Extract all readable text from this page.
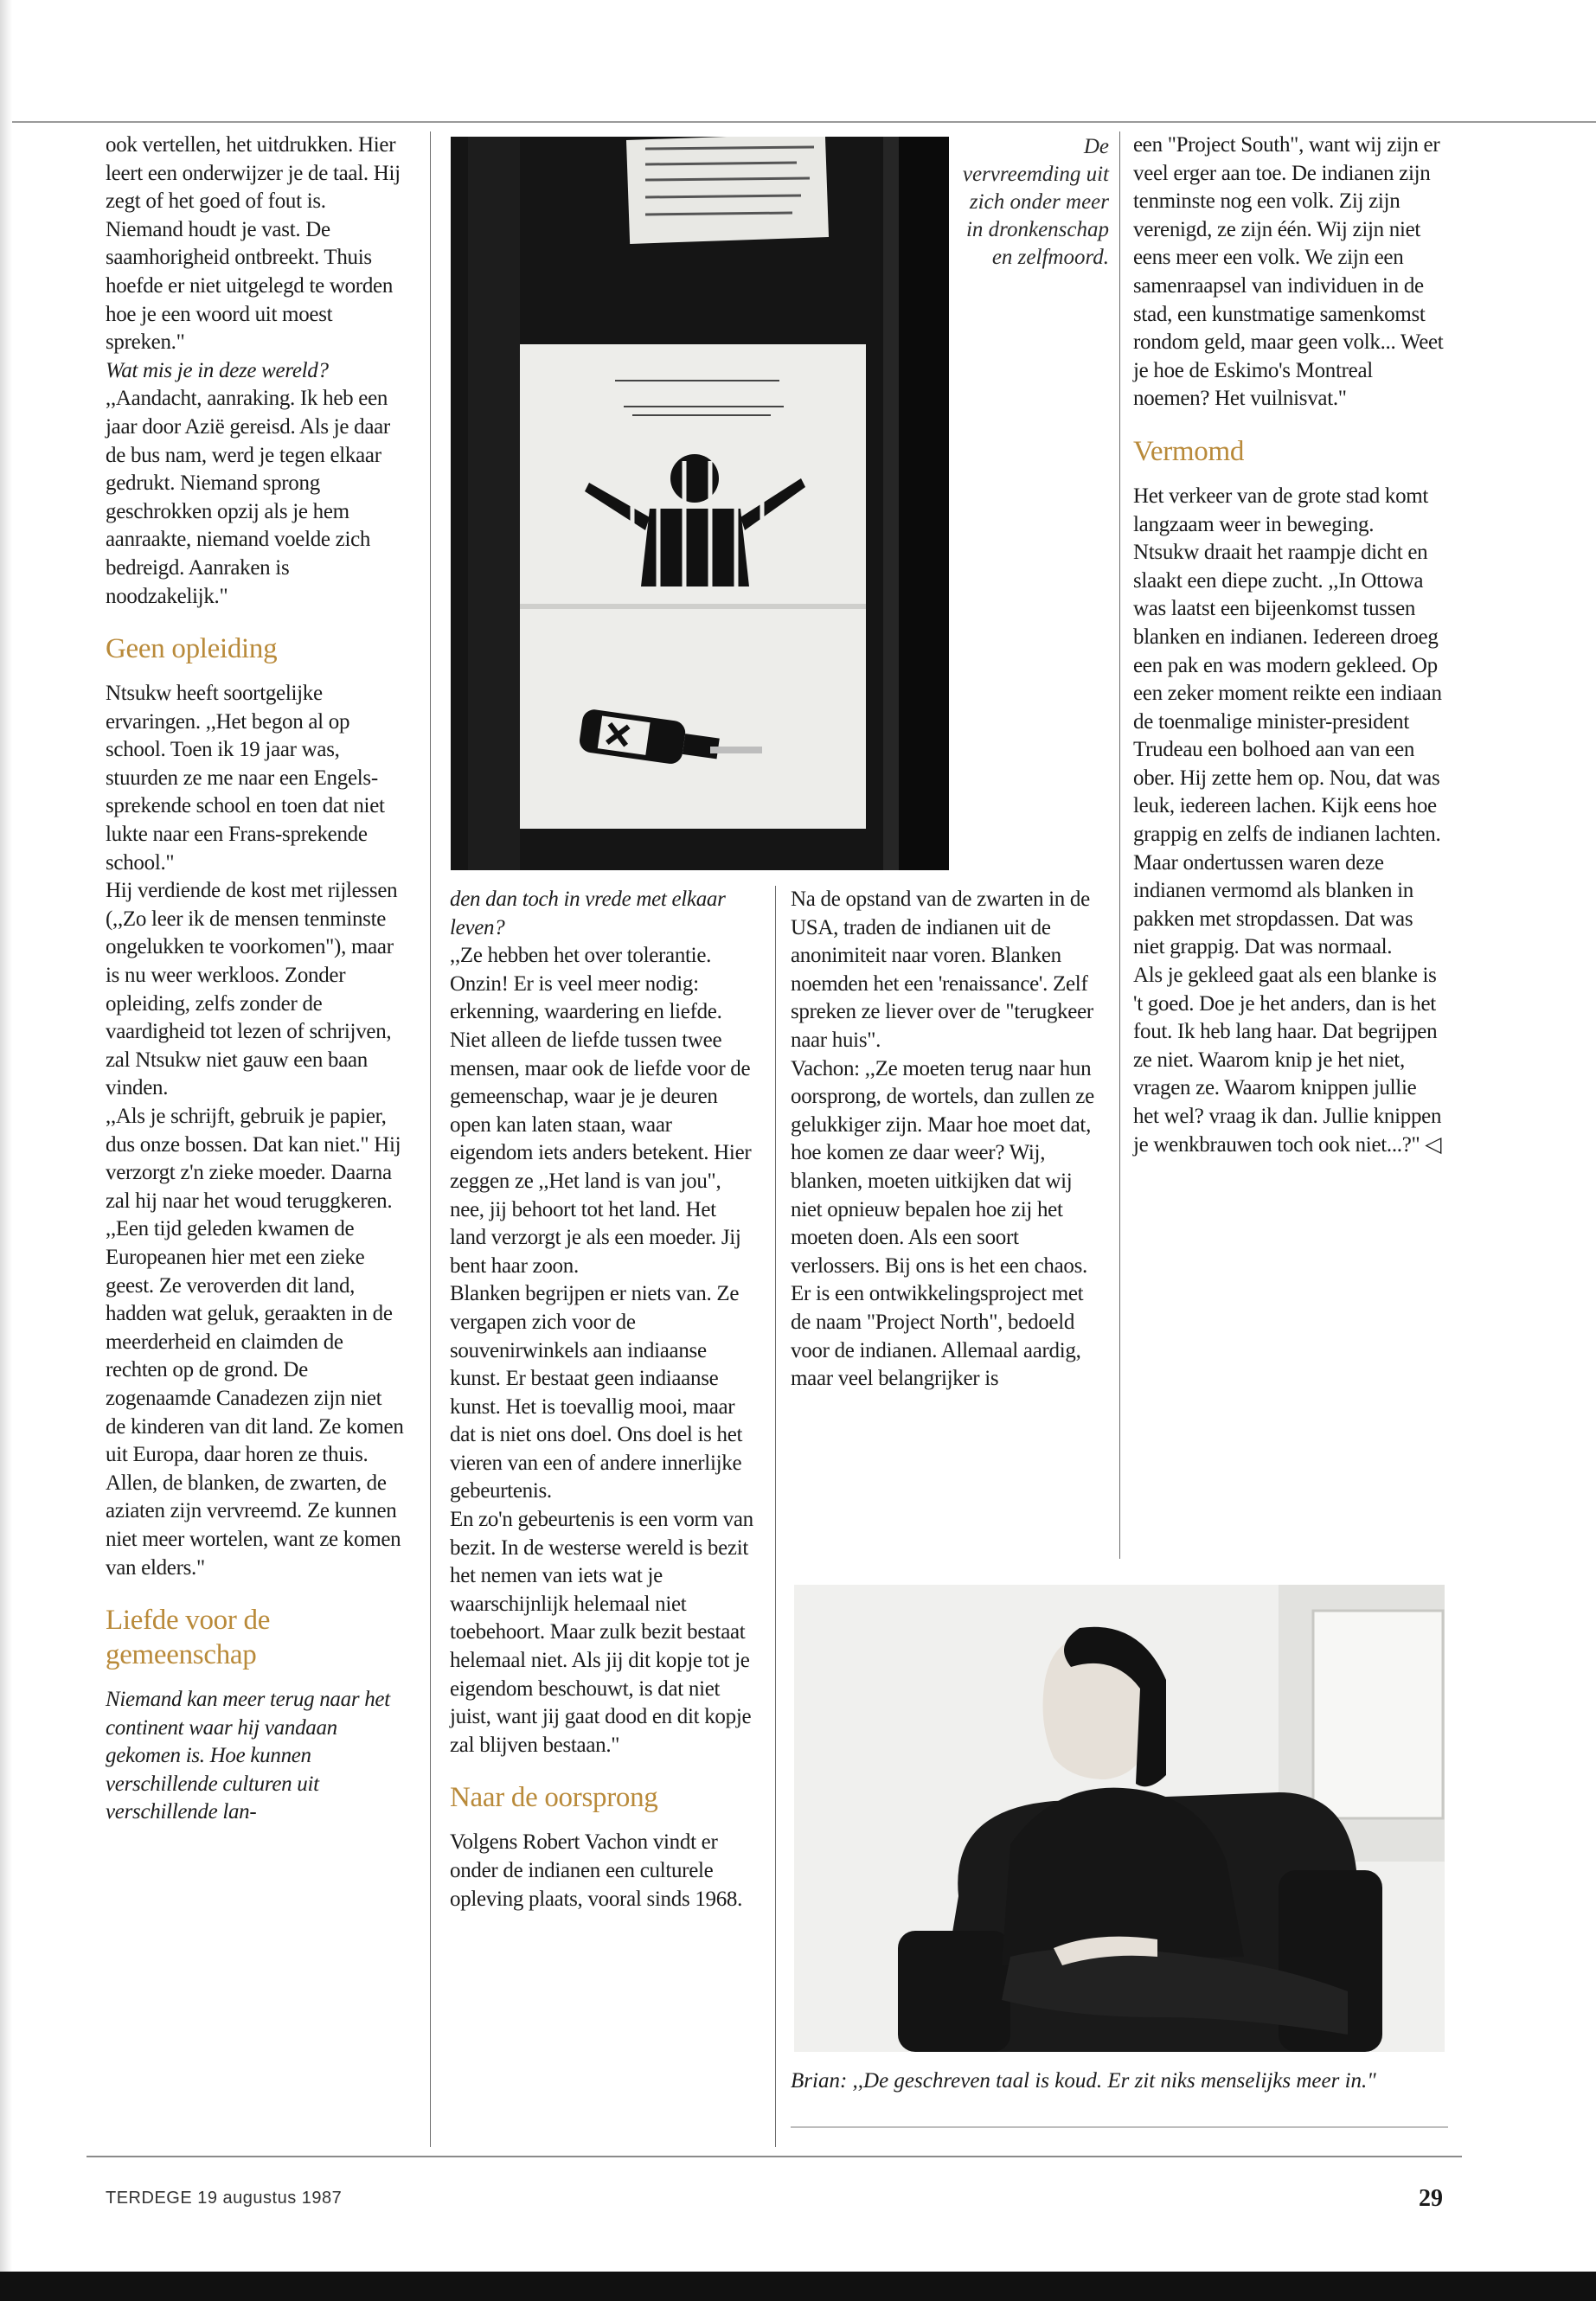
ook vertellen, het uitdrukken. Hier leert een onderwijzer je de taal. Hij zegt of het goed of fout is. Niemand houdt je vast. De saamhorigheid ontbreekt. Thuis hoefde er niet uitgelegd te worden hoe je een woord uit moest spreken."

Wat mis je in deze wereld?

,,Aandacht, aanraking. Ik heb een jaar door Azië gereisd. Als je daar de bus nam, werd je tegen elkaar gedrukt. Niemand sprong geschrokken opzij als je hem aanraakte, niemand voelde zich bedreigd. Aanraken is noodzakelijk."

Geen opleiding

Ntsukw heeft soortgelijke ervaringen. ,,Het begon al op school. Toen ik 19 jaar was, stuurden ze me naar een Engels-sprekende school en toen dat niet lukte naar een Frans-sprekende school."

Hij verdiende de kost met rijlessen (,,Zo leer ik de mensen tenminste ongelukken te voorkomen"), maar is nu weer werkloos. Zonder opleiding, zelfs zonder de vaardigheid tot lezen of schrijven, zal Ntsukw niet gauw een baan vinden.

,,Als je schrijft, gebruik je papier, dus onze bossen. Dat kan niet." Hij verzorgt z'n zieke moeder. Daarna zal hij naar het woud teruggkeren.

,,Een tijd geleden kwamen de Europeanen hier met een zieke geest. Ze veroverden dit land, hadden wat geluk, geraakten in de meerderheid en claimden de rechten op de grond. De zogenaamde Canadezen zijn niet de kinderen van dit land. Ze komen uit Europa, daar horen ze thuis. Allen, de blanken, de zwarten, de aziaten zijn vervreemd. Ze kunnen niet meer wortelen, want ze komen van elders."

Liefde voor de gemeenschap

Niemand kan meer terug naar het continent waar hij vandaan gekomen is. Hoe kunnen verschillende culturen uit verschillende lan-

De vervreemding uit zich onder meer in dronkenschap en zelfmoord.

den dan toch in vrede met elkaar leven?

,,Ze hebben het over tolerantie. Onzin! Er is veel meer nodig: erkenning, waardering en liefde. Niet alleen de liefde tussen twee mensen, maar ook de liefde voor de gemeenschap, waar je je deuren open kan laten staan, waar eigendom iets anders betekent. Hier zeggen ze ,,Het land is van jou", nee, jij behoort tot het land. Het land verzorgt je als een moeder. Jij bent haar zoon.

Blanken begrijpen er niets van. Ze vergapen zich voor de souvenirwinkels aan indiaanse kunst. Er bestaat geen indiaanse kunst. Het is toevallig mooi, maar dat is niet ons doel. Ons doel is het vieren van een of andere innerlijke gebeurtenis.

En zo'n gebeurtenis is een vorm van bezit. In de westerse wereld is bezit het nemen van iets wat je waarschijnlijk helemaal niet toebehoort. Maar zulk bezit bestaat helemaal niet. Als jij dit kopje tot je eigendom beschouwt, is dat niet juist, want jij gaat dood en dit kopje zal blijven bestaan."

Naar de oorsprong

Volgens Robert Vachon vindt er onder de indianen een culturele opleving plaats, vooral sinds 1968.

Na de opstand van de zwarten in de USA, traden de indianen uit de anonimiteit naar voren. Blanken noemden het een 'renaissance'. Zelf spreken ze liever over de "terugkeer naar huis".

Vachon: ,,Ze moeten terug naar hun oorsprong, de wortels, dan zullen ze gelukkiger zijn. Maar hoe moet dat, hoe komen ze daar weer? Wij, blanken, moeten uitkijken dat wij niet opnieuw bepalen hoe zij het moeten doen. Als een soort verlossers. Bij ons is het een chaos.

Er is een ontwikkelingsproject met de naam "Project North", bedoeld voor de indianen. Allemaal aardig, maar veel belangrijker is

een "Project South", want wij zijn er veel erger aan toe. De indianen zijn tenminste nog een volk. Zij zijn verenigd, ze zijn één. Wij zijn niet eens meer een volk. We zijn een samenraapsel van individuen in de stad, een kunstmatige samenkomst rondom geld, maar geen volk... Weet je hoe de Eskimo's Montreal noemen? Het vuilnisvat."

Vermomd

Het verkeer van de grote stad komt langzaam weer in beweging. Ntsukw draait het raampje dicht en slaakt een diepe zucht. ,,In Ottowa was laatst een bijeenkomst tussen blanken en indianen. Iedereen droeg een pak en was modern gekleed. Op een zeker moment reikte een indiaan de toenmalige minister-president Trudeau een bolhoed aan van een ober. Hij zette hem op. Nou, dat was leuk, iedereen lachen. Kijk eens hoe grappig en zelfs de indianen lachten. Maar ondertussen waren deze indianen vermomd als blanken in pakken met stropdassen. Dat was niet grappig. Dat was normaal.

Als je gekleed gaat als een blanke is 't goed. Doe je het anders, dan is het fout. Ik heb lang haar. Dat begrijpen ze niet. Waarom knip je het niet, vragen ze. Waarom knippen jullie het wel? vraag ik dan. Jullie knippen je wenkbrauwen toch ook niet...?" ◁

Brian: ,,De geschreven taal is koud. Er zit niks menselijks meer in."
TERDEGE 19 augustus 1987	29
